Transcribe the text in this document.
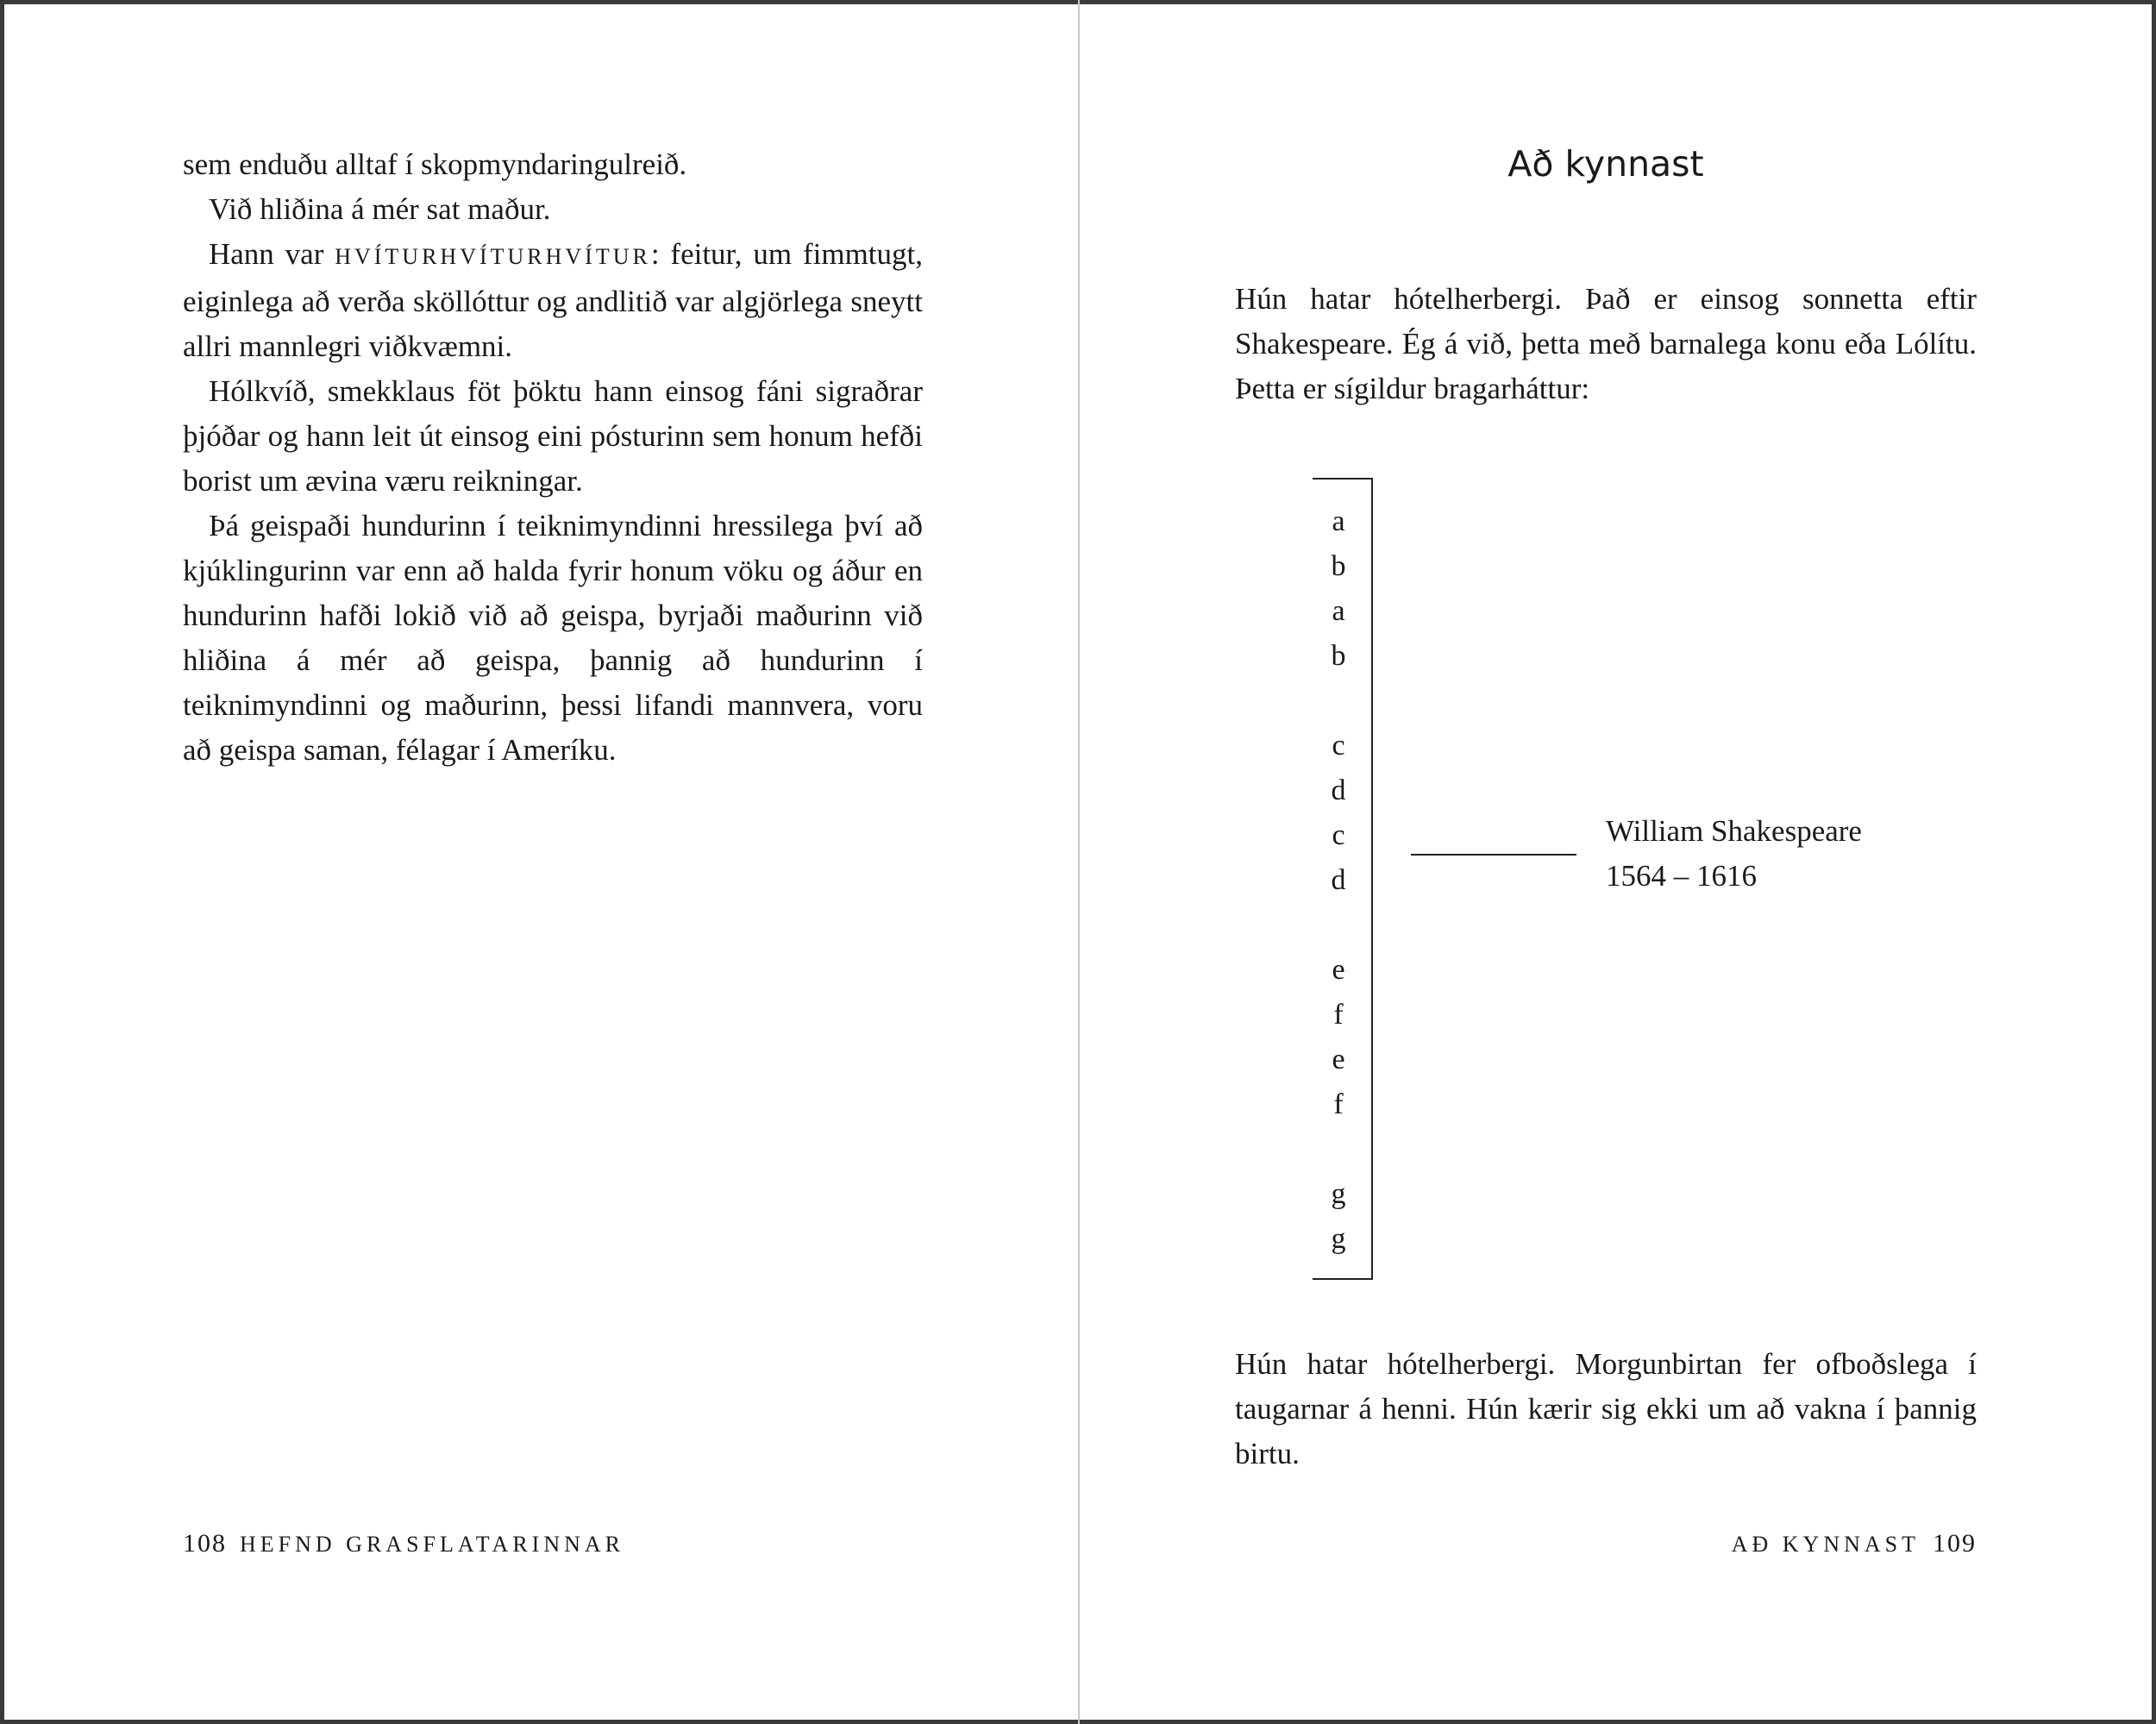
sem enduðu alltaf í skopmyndaringulreið.

Við hliðina á mér sat maður.

Hann var HVÍTURHVÍTURHVÍTUR: feitur, um fimmtugt, eiginlega að verða sköllóttur og andlitið var algjörlega sneytt allri mannlegri viðkvæmni.

Hólkvíð, smekklaus föt þöktu hann einsog fáni sigraðrar þjóðar og hann leit út einsog eini pósturinn sem honum hefði borist um ævina væru reikningar.

Þá geispaði hundurinn í teiknimyndinni hressilega því að kjúklingurinn var enn að halda fyrir honum vöku og áður en hundurinn hafði lokið við að geispa, byrjaði maðurinn við hliðina á mér að geispa, þannig að hundurinn í teiknimyndinni og maðurinn, þessi lifandi mannvera, voru að geispa saman, félagar í Ameríku.

108 HEFND GRASFLATARINNAR
Að kynnast

Hún hatar hótelherbergi. Það er einsog sonnetta eftir Shakespeare. Ég á við, þetta með barnalega konu eða Lólítu. Þetta er sígildur bragarháttur:

Hún hatar hótelherbergi. Morgunbirtan fer ofboðslega í taugarnar á henni. Hún kærir sig ekki um að vakna í þannig birtu.

a
b
a
b
c
d
c
d
e
f
e
f
g
g
William Shakespeare
1564 – 1616
AÐ KYNNAST 109
